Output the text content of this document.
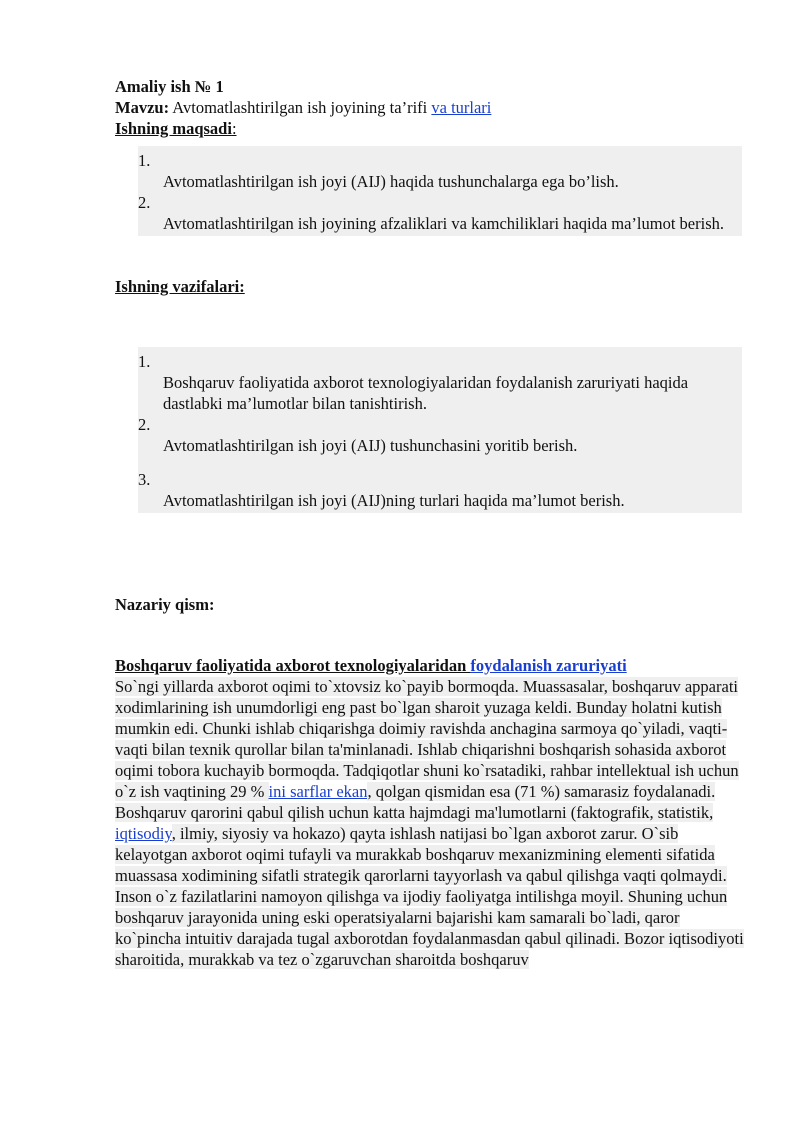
Amaliy ish № 1
Mavzu: Avtomatlashtirilgan ish joyining ta’rifi va turlari
Ishning maqsadi:
1.
Avtomatlashtirilgan ish joyi (AIJ) haqida tushunchalarga ega bo’lish.
2.
Avtomatlashtirilgan ish joyining afzaliklari va kamchiliklari haqida ma’lumot berish.
Ishning vazifalari:
1.
Boshqaruv faoliyatida axborot texnologiyalaridan foydalanish zaruriyati haqida dastlabki ma’lumotlar bilan tanishtirish.
2.
Avtomatlashtirilgan ish joyi (AIJ) tushunchasini yoritib berish.
3.
Avtomatlashtirilgan ish joyi (AIJ)ning turlari haqida ma’lumot berish.
Nazariy qism:
Boshqaruv faoliyatida axborot texnologiyalaridan foydalanish zaruriyati
So`ngi yillarda axborot oqimi to`xtovsiz ko`payib bormoqda. Muassasalar, boshqaruv apparati xodimlarining ish unumdorligi eng past bo`lgan sharoit yuzaga keldi. Bunday holatni kutish mumkin edi. Chunki ishlab chiqarishga doimiy ravishda anchagina sarmoya qo`yiladi, vaqti-vaqti bilan texnik qurollar bilan ta'minlanadi. Ishlab chiqarishni boshqarish sohasida axborot oqimi tobora kuchayib bormoqda. Tadqiqotlar shuni ko`rsatadiki, rahbar intellektual ish uchun o`z ish vaqtining 29 % ini sarflar ekan, qolgan qismidan esa (71 %) samarasiz foydalanadi. Boshqaruv qarorini qabul qilish uchun katta hajmdagi ma'lumotlarni (faktografik, statistik, iqtisodiy, ilmiy, siyosiy va hokazo) qayta ishlash natijasi bo`lgan axborot zarur. O`sib kelayotgan axborot oqimi tufayli va murakkab boshqaruv mexanizmining elementi sifatida muassasa xodimining sifatli strategik qarorlarni tayyorlash va qabul qilishga vaqti qolmaydi.
Inson o`z fazilatlarini namoyon qilishga va ijodiy faoliyatga intilishga moyil. Shuning uchun boshqaruv jarayonida uning eski operatsiyalarni bajarishi kam samarali bo`ladi, qaror ko`pincha intuitiv darajada tugal axborotdan foydalanmasdan qabul qilinadi. Bozor iqtisodiyoti sharoitida, murakkab va tez o`zgaruvchan sharoitda boshqaruv
